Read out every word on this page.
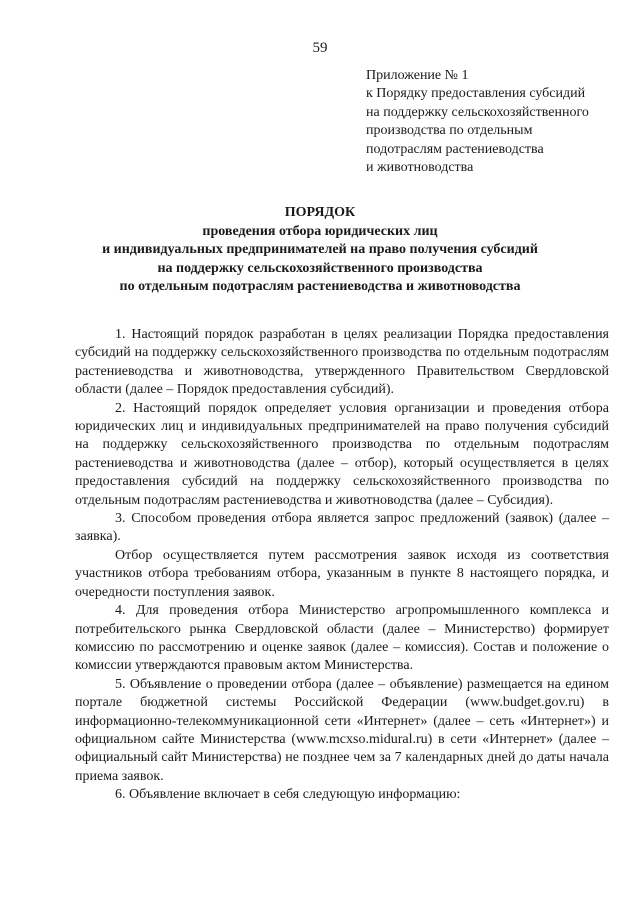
59
Приложение № 1
к Порядку предоставления субсидий
на поддержку сельскохозяйственного
производства по отдельным
подотраслям растениеводства
и животноводства
ПОРЯДОК
проведения отбора юридических лиц
и индивидуальных предпринимателей на право получения субсидий
на поддержку сельскохозяйственного производства
по отдельным подотраслям растениеводства и животноводства

1. Настоящий порядок разработан в целях реализации Порядка предоставления субсидий на поддержку сельскохозяйственного производства по отдельным подотраслям растениеводства и животноводства, утвержденного Правительством Свердловской области (далее – Порядок предоставления субсидий).

2. Настоящий порядок определяет условия организации и проведения отбора юридических лиц и индивидуальных предпринимателей на право получения субсидий на поддержку сельскохозяйственного производства по отдельным подотраслям растениеводства и животноводства (далее – отбор), который осуществляется в целях предоставления субсидий на поддержку сельскохозяйственного производства по отдельным подотраслям растениеводства и животноводства (далее – Субсидия).

3. Способом проведения отбора является запрос предложений (заявок) (далее – заявка).

Отбор осуществляется путем рассмотрения заявок исходя из соответствия участников отбора требованиям отбора, указанным в пункте 8 настоящего порядка, и очередности поступления заявок.

4. Для проведения отбора Министерство агропромышленного комплекса и потребительского рынка Свердловской области (далее – Министерство) формирует комиссию по рассмотрению и оценке заявок (далее – комиссия). Состав и положение о комиссии утверждаются правовым актом Министерства.

5. Объявление о проведении отбора (далее – объявление) размещается на едином портале бюджетной системы Российской Федерации (www.budget.gov.ru) в информационно-телекоммуникационной сети «Интернет» (далее – сеть «Интернет») и официальном сайте Министерства (www.mcxso.midural.ru) в сети «Интернет» (далее – официальный сайт Министерства) не позднее чем за 7 календарных дней до даты начала приема заявок.

6. Объявление включает в себя следующую информацию:
